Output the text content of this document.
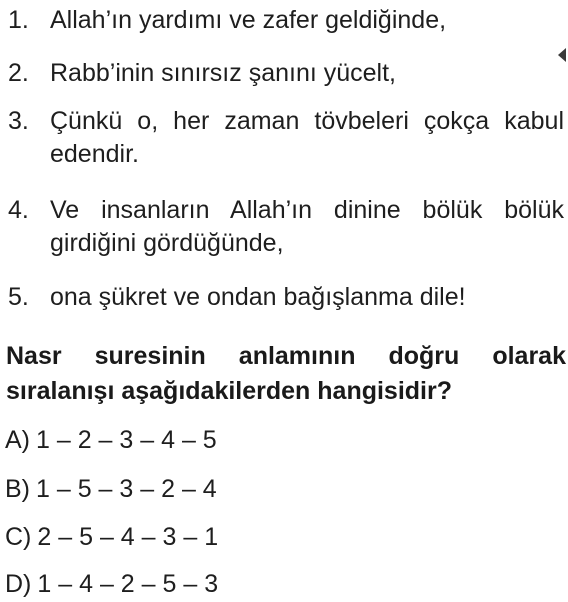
1. Allah’ın yardımı ve zafer geldiğinde,
2. Rabb’inin sınırsız şanını yücelt,
3. Çünkü o, her zaman tövbeleri çokça kabul edendir.
4. Ve insanların Allah’ın dinine bölük bölük girdiğini gördüğünde,
5. ona şükret ve ondan bağışlanma dile!
Nasr suresinin anlamının doğru olarak sıralanışı aşağıdakilerden hangisidir?
A) 1 – 2 – 3 – 4 – 5
B) 1 – 5 – 3 – 2 – 4
C) 2 – 5 – 4 – 3 – 1
D) 1 – 4 – 2 – 5 – 3
